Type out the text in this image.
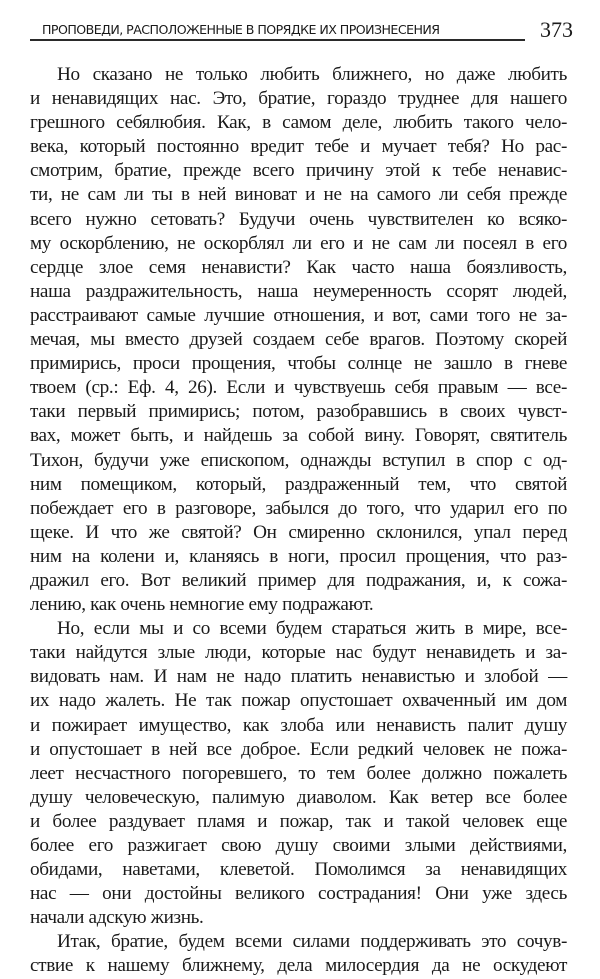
ПРОПОВЕДИ, РАСПОЛОЖЕННЫЕ В ПОРЯДКЕ ИХ ПРОИЗНЕСЕНИЯ	373
Но сказано не только любить ближнего, но даже любить
и ненавидящих нас. Это, братие, гораздо труднее для нашего
грешного себялюбия. Как, в самом деле, любить такого чело-
века, который постоянно вредит тебе и мучает тебя? Но рас-
смотрим, братие, прежде всего причину этой к тебе ненавис-
ти, не сам ли ты в ней виноват и не на самого ли себя прежде
всего нужно сетовать? Будучи очень чувствителен ко всяко-
му оскорблению, не оскорблял ли его и не сам ли посеял в его
сердце злое семя ненависти? Как часто наша боязливость,
наша раздражительность, наша неумеренность ссорят людей,
расстраивают самые лучшие отношения, и вот, сами того не за-
мечая, мы вместо друзей создаем себе врагов. Поэтому скорей
примирись, проси прощения, чтобы солнце не зашло в гневе
твоем (ср.: Еф. 4, 26). Если и чувствуешь себя правым — все-
таки первый примирись; потом, разобравшись в своих чувст-
вах, может быть, и найдешь за собой вину. Говорят, святитель
Тихон, будучи уже епископом, однажды вступил в спор с од-
ним помещиком, который, раздраженный тем, что святой
побеждает его в разговоре, забылся до того, что ударил его по
щеке. И что же святой? Он смиренно склонился, упал перед
ним на колени и, кланяясь в ноги, просил прощения, что раз-
дражил его. Вот великий пример для подражания, и, к сожа-
лению, как очень немногие ему подражают.
Но, если мы и со всеми будем стараться жить в мире, все-
таки найдутся злые люди, которые нас будут ненавидеть и за-
видовать нам. И нам не надо платить ненавистью и злобой —
их надо жалеть. Не так пожар опустошает охваченный им дом
и пожирает имущество, как злоба или ненависть палит душу
и опустошает в ней все доброе. Если редкий человек не пожа-
леет несчастного погоревшего, то тем более должно пожалеть
душу человеческую, палимую диаволом. Как ветер все более
и более раздувает пламя и пожар, так и такой человек еще
более его разжигает свою душу своими злыми действиями,
обидами, наветами, клеветой. Помолимся за ненавидящих
нас — они достойны великого сострадания! Они уже здесь
начали адскую жизнь.
Итак, братие, будем всеми силами поддерживать это сочув-
ствие к нашему ближнему, дела милосердия да не оскудеют
